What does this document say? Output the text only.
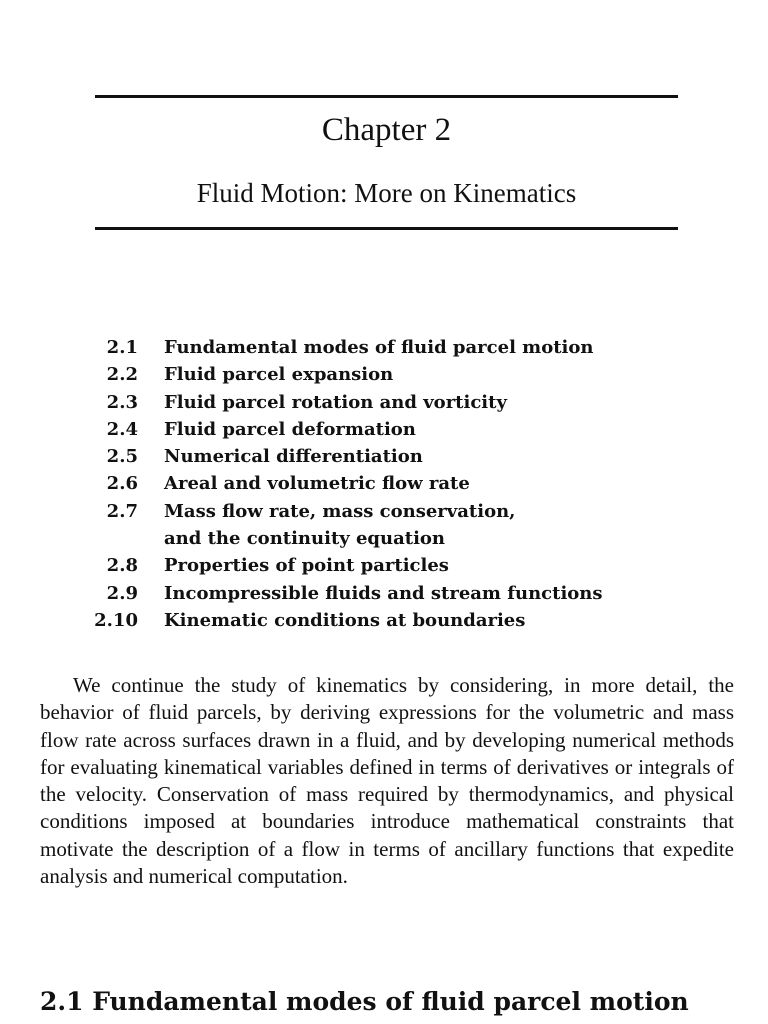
Chapter 2
Fluid Motion: More on Kinematics
2.1	Fundamental modes of fluid parcel motion
2.2	Fluid parcel expansion
2.3	Fluid parcel rotation and vorticity
2.4	Fluid parcel deformation
2.5	Numerical differentiation
2.6	Areal and volumetric flow rate
2.7	Mass flow rate, mass conservation,
and the continuity equation
2.8	Properties of point particles
2.9	Incompressible fluids and stream functions
2.10	Kinematic conditions at boundaries

We continue the study of kinematics by considering, in more detail, the behavior of fluid parcels, by deriving expressions for the volumetric and mass flow rate across surfaces drawn in a fluid, and by developing numerical methods for evaluating kinematical variables defined in terms of derivatives or integrals of the velocity. Conservation of mass required by thermodynamics, and physical conditions imposed at boundaries introduce mathematical constraints that motivate the description of a flow in terms of ancillary functions that expedite analysis and numerical computation.

2.1 Fundamental modes of fluid parcel motion
